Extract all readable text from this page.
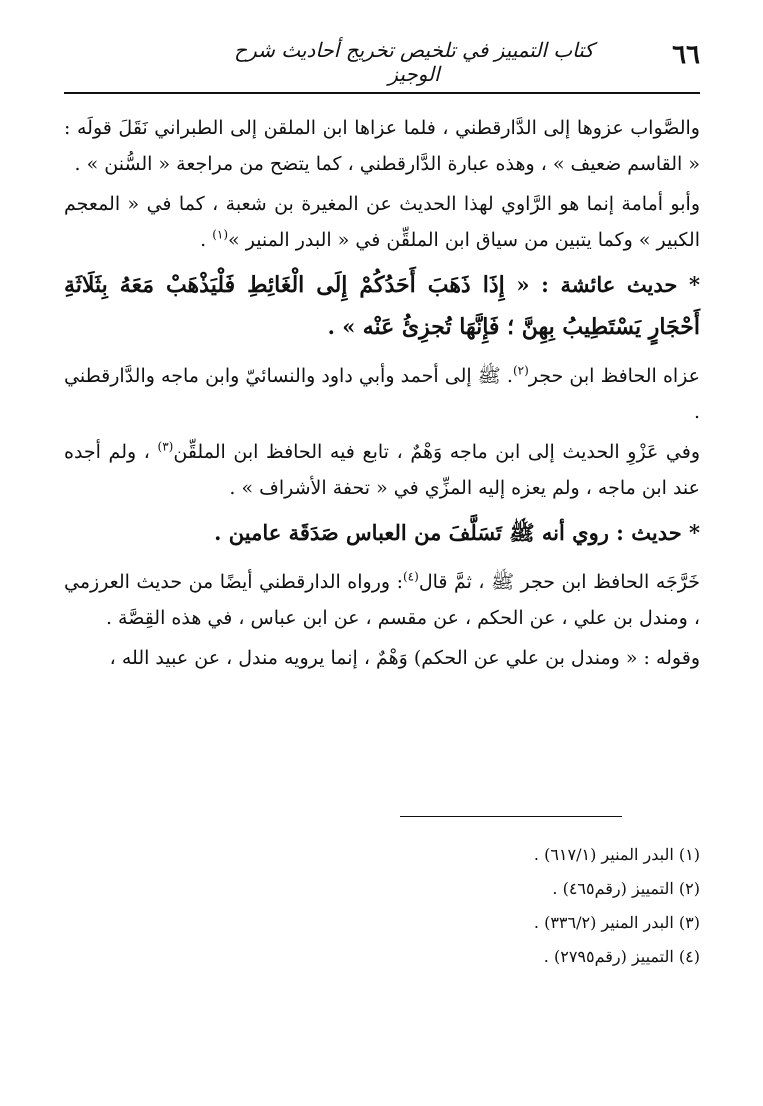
٦٦
كتاب التمييز في تلخيص تخريج أحاديث شرح الوجيز

والصَّواب عزوها إلى الدَّارقطني ، فلما عزاها ابن الملقن إلى الطبراني نَقَلَ قولَه : « القاسم ضعيف » ، وهذه عبارة الدَّارقطني ، كما يتضح من مراجعة « السُّنن » .

وأبو أمامة إنما هو الرَّاوي لهذا الحديث عن المغيرة بن شعبة ، كما في « المعجم الكبير » وكما يتبين من سياق ابن الملقِّن في « البدر المنير »$^{(١)}$ .

* حديث عائشة : « إِذَا ذَهَبَ أَحَدُكُمْ إِلَى الْغَائِطِ فَلْيَذْهَبْ مَعَهُ بِثَلَاثَةِ أَحْجَارٍ يَسْتَطِيبُ بِهِنَّ ؛ فَإِنَّهَا تُجزِئُ عَنْه » .

عزاه الحافظ ابن حجر$^{(٢)}$. ﷺ إلى أحمد وأبي داود والنسائيّ وابن ماجه والدَّارقطني .

وفي عَزْوِ الحديث إلى ابن ماجه وَهْمٌ ، تابع فيه الحافظ ابن الملقِّن$^{(٣)}$ ، ولم أجده عند ابن ماجه ، ولم يعزه إليه المزِّي في « تحفة الأشراف » .

* حديث : روي أنه ﷺ تَسَلَّفَ من العباس صَدَقَة عامين .

خَرَّجَه الحافظ ابن حجر ﷺ ، ثمَّ قال$^{(٤)}$: ورواه الدارقطني أيضًا من حديث العرزمي ، ومندل بن علي ، عن الحكم ، عن مقسم ، عن ابن عباس ، في هذه القِصَّة .

وقوله : « ومندل بن علي عن الحكم) وَهْمٌ ، إنما يرويه مندل ، عن عبيد الله ،

(١) البدر المنير (٦١٧/١) .
(٢) التمييز (رقم٤٦٥) .
(٣) البدر المنير (٣٣٦/٢) .
(٤) التمييز (رقم٢٧٩٥) .
